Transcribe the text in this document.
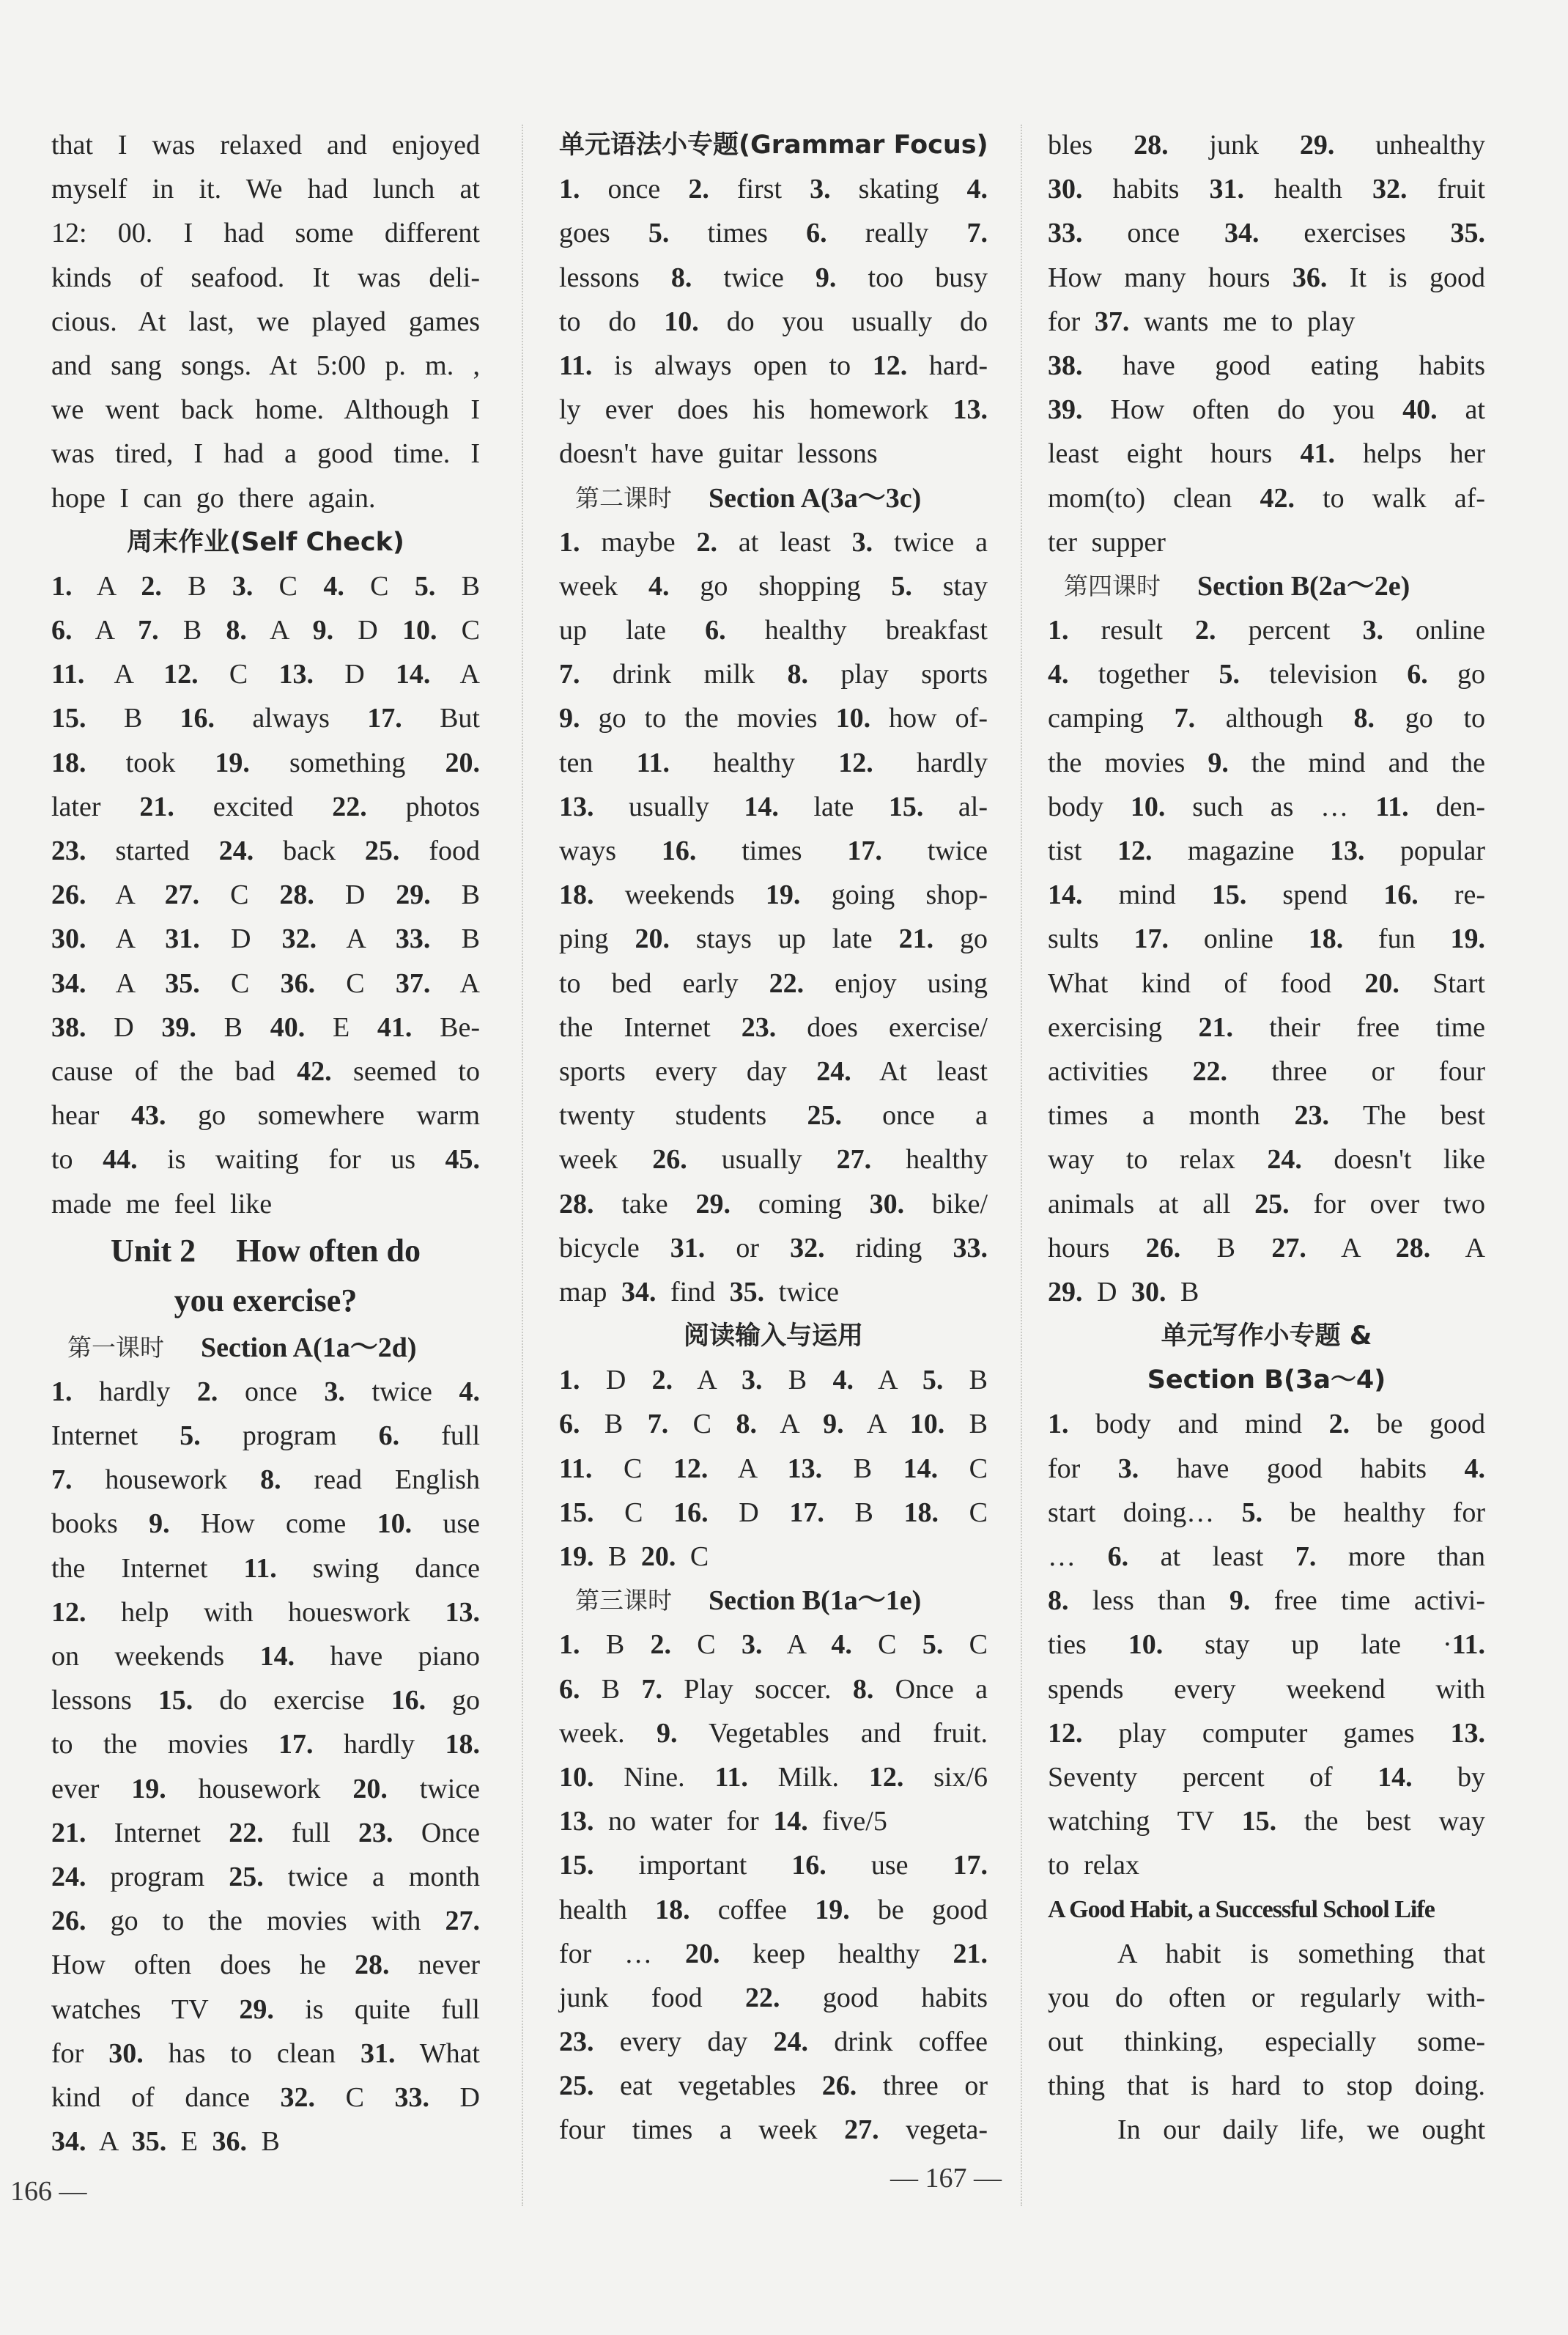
that I was relaxed and enjoyed
myself in it. We had lunch at
12: 00. I had some different
kinds of seafood. It was deli-
cious. At last, we played games
and sang songs. At 5:00 p. m. ,
we went back home. Although I
was tired, I had a good time. I
hope I can go there again.
周末作业(Self Check)
1. A 2. B 3. C 4. C 5. B
6. A 7. B 8. A 9. D 10. C
11. A 12. C 13. D 14. A
15. B 16. always 17. But
18. took 19. something 20.
later 21. excited 22. photos
23. started 24. back 25. food
26. A 27. C 28. D 29. B
30. A 31. D 32. A 33. B
34. A 35. C 36. C 37. A
38. D 39. B 40. E 41. Be-
cause of the bad 42. seemed to
hear 43. go somewhere warm
to 44. is waiting for us 45.
made me feel like
Unit 2　 How often do
you exercise?
第一课时 Section A(1a～2d)
1. hardly 2. once 3. twice 4.
Internet 5. program 6. full
7. housework 8. read English
books 9. How come 10. use
the Internet 11. swing dance
12. help with houeswork 13.
on weekends 14. have piano
lessons 15. do exercise 16. go
to the movies 17. hardly 18.
ever 19. housework 20. twice
21. Internet 22. full 23. Once
24. program 25. twice a month
26. go to the movies with 27.
How often does he 28. never
watches TV 29. is quite full
for 30. has to clean 31. What
kind of dance 32. C 33. D
34. A 35. E 36. B
单元语法小专题(Grammar Focus)
1. once 2. first 3. skating 4.
goes 5. times 6. really 7.
lessons 8. twice 9. too busy
to do 10. do you usually do
11. is always open to 12. hard-
ly ever does his homework 13.
doesn't have guitar lessons
第二课时 Section A(3a～3c)
1. maybe 2. at least 3. twice a
week 4. go shopping 5. stay
up late 6. healthy breakfast
7. drink milk 8. play sports
9. go to the movies 10. how of-
ten 11. healthy 12. hardly
13. usually 14. late 15. al-
ways 16. times 17. twice
18. weekends 19. going shop-
ping 20. stays up late 21. go
to bed early 22. enjoy using
the Internet 23. does exercise/
sports every day 24. At least
twenty students 25. once a
week 26. usually 27. healthy
28. take 29. coming 30. bike/
bicycle 31. or 32. riding 33.
map 34. find 35. twice
阅读输入与运用
1. D 2. A 3. B 4. A 5. B
6. B 7. C 8. A 9. A 10. B
11. C 12. A 13. B 14. C
15. C 16. D 17. B 18. C
19. B 20. C
第三课时 Section B(1a～1e)
1. B 2. C 3. A 4. C 5. C
6. B 7. Play soccer. 8. Once a
week. 9. Vegetables and fruit.
10. Nine. 11. Milk. 12. six/6
13. no water for 14. five/5
15. important 16. use 17.
health 18. coffee 19. be good
for … 20. keep healthy 21.
junk food 22. good habits
23. every day 24. drink coffee
25. eat vegetables 26. three or
four times a week 27. vegeta-
bles 28. junk 29. unhealthy
30. habits 31. health 32. fruit
33. once 34. exercises 35.
How many hours 36. It is good
for 37. wants me to play
38. have good eating habits
39. How often do you 40. at
least eight hours 41. helps her
mom(to) clean 42. to walk af-
ter supper
第四课时 Section B(2a～2e)
1. result 2. percent 3. online
4. together 5. television 6. go
camping 7. although 8. go to
the movies 9. the mind and the
body 10. such as … 11. den-
tist 12. magazine 13. popular
14. mind 15. spend 16. re-
sults 17. online 18. fun 19.
What kind of food 20. Start
exercising 21. their free time
activities 22. three or four
times a month 23. The best
way to relax 24. doesn't like
animals at all 25. for over two
hours 26. B 27. A 28. A
29. D 30. B
单元写作小专题 &
Section B(3a～4)
1. body and mind 2. be good
for 3. have good habits 4.
start doing… 5. be healthy for
… 6. at least 7. more than
8. less than 9. free time activi-
ties 10. stay up late ·11.
spends every weekend with
12. play computer games 13.
Seventy percent of 14. by
watching TV 15. the best way
to relax
A Good Habit, a Successful School Life
A habit is something that
you do often or regularly with-
out thinking, especially some-
thing that is hard to stop doing.
In our daily life, we ought
166 —	— 167 —
